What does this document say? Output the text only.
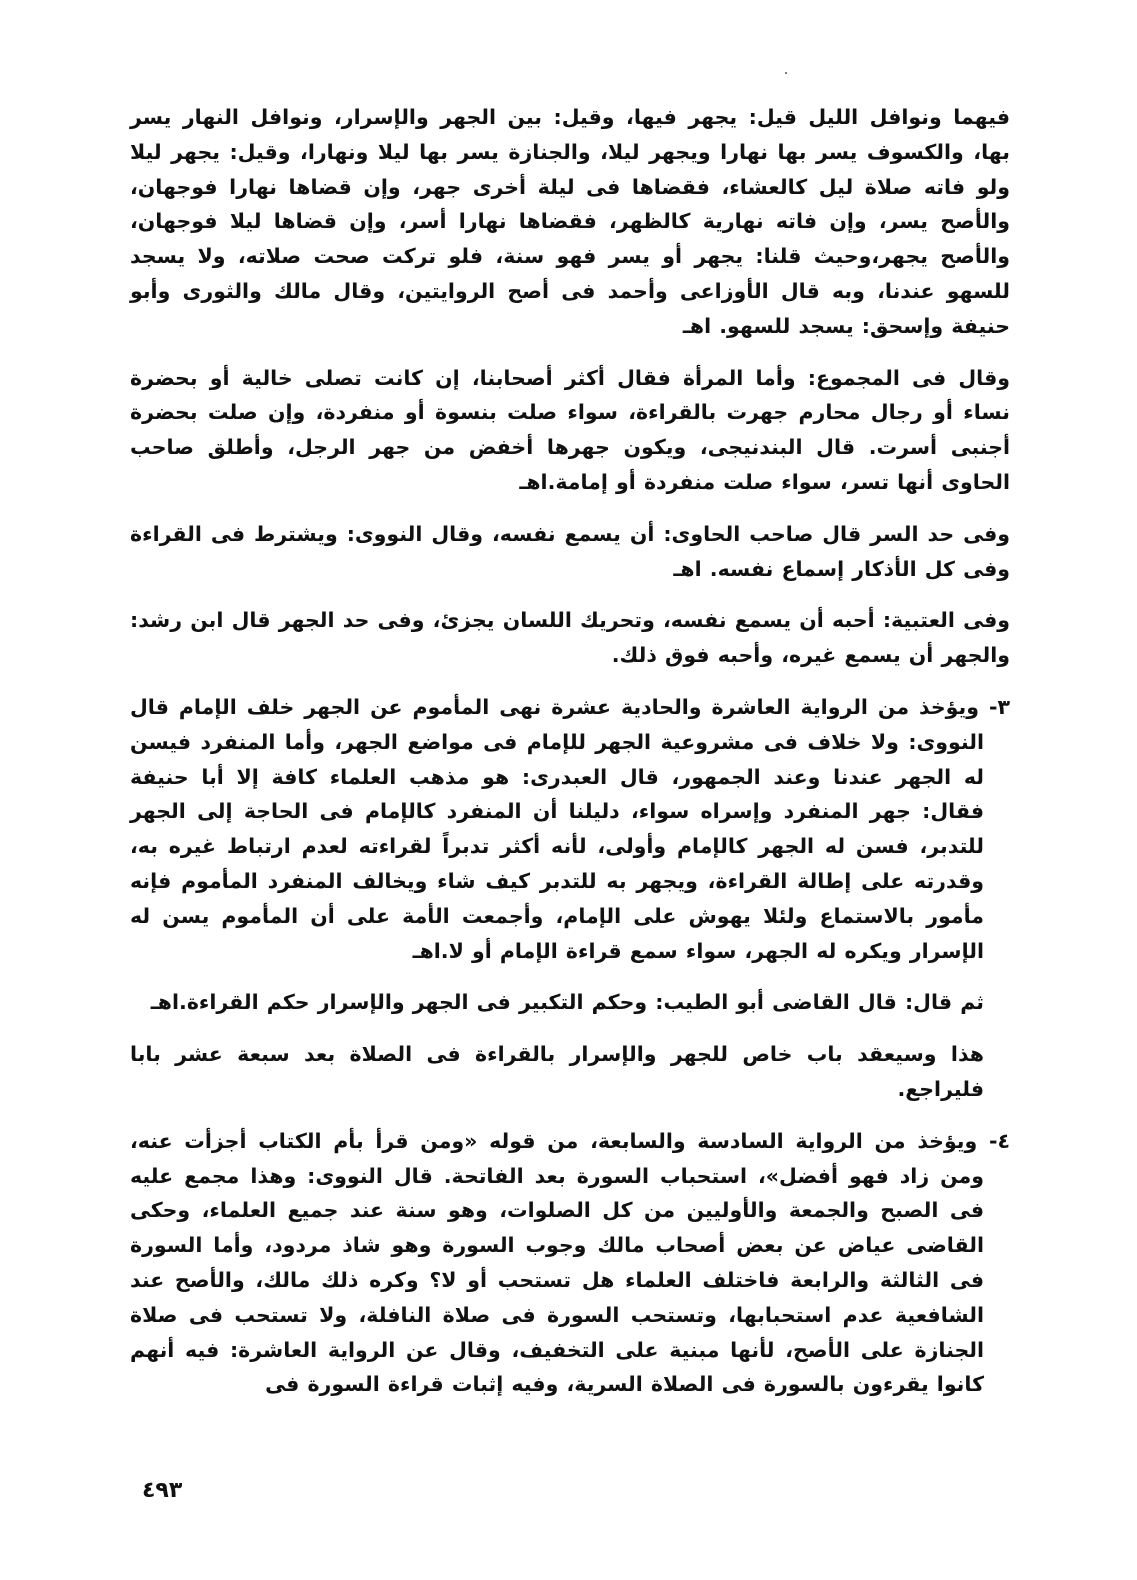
فيهما ونوافل الليل قيل: يجهر فيها، وقيل: بين الجهر والإسرار، ونوافل النهار يسر بها، والكسوف يسر بها نهارا ويجهر ليلا، والجنازة يسر بها ليلا ونهارا، وقيل: يجهر ليلا ولو فاته صلاة ليل كالعشاء، فقضاها فى ليلة أخرى جهر، وإن قضاها نهارا فوجهان، والأصح يسر، وإن فاته نهارية كالظهر، فقضاها نهارا أسر، وإن قضاها ليلا فوجهان، والأصح يجهر،وحيث قلنا: يجهر أو يسر فهو سنة، فلو تركت صحت صلاته، ولا يسجد للسهو عندنا، وبه قال الأوزاعى وأحمد فى أصح الروايتين، وقال مالك والثورى وأبو حنيفة وإسحق: يسجد للسهو. اهـ

وقال فى المجموع: وأما المرأة فقال أكثر أصحابنا، إن كانت تصلى خالية أو بحضرة نساء أو رجال محارم جهرت بالقراءة، سواء صلت بنسوة أو منفردة، وإن صلت بحضرة أجنبى أسرت. قال البندنيجى، ويكون جهرها أخفض من جهر الرجل، وأطلق صاحب الحاوى أنها تسر، سواء صلت منفردة أو إمامة.اهـ

وفى حد السر قال صاحب الحاوى: أن يسمع نفسه، وقال النووى: ويشترط فى القراءة وفى كل الأذكار إسماع نفسه. اهـ

وفى العتبية: أحبه أن يسمع نفسه، وتحريك اللسان يجزئ، وفى حد الجهر قال ابن رشد: والجهر أن يسمع غيره، وأحبه فوق ذلك.

٣- ويؤخذ من الرواية العاشرة والحادية عشرة نهى المأموم عن الجهر خلف الإمام قال النووى: ولا خلاف فى مشروعية الجهر للإمام فى مواضع الجهر، وأما المنفرد فيسن له الجهر عندنا وعند الجمهور، قال العبدرى: هو مذهب العلماء كافة إلا أبا حنيفة فقال: جهر المنفرد وإسراه سواء، دليلنا أن المنفرد كالإمام فى الحاجة إلى الجهر للتدبر، فسن له الجهر كالإمام وأولى، لأنه أكثر تدبراً لقراءته لعدم ارتباط غيره به، وقدرته على إطالة القراءة، ويجهر به للتدبر كيف شاء ويخالف المنفرد المأموم فإنه مأمور بالاستماع ولئلا يهوش على الإمام، وأجمعت الأمة على أن المأموم يسن له الإسرار ويكره له الجهر، سواء سمع قراءة الإمام أو لا.اهـ

ثم قال: قال القاضى أبو الطيب: وحكم التكبير فى الجهر والإسرار حكم القراءة.اهـ

هذا وسيعقد باب خاص للجهر والإسرار بالقراءة فى الصلاة بعد سبعة عشر بابا فليراجع.

٤- ويؤخذ من الرواية السادسة والسابعة، من قوله «ومن قرأ بأم الكتاب أجزأت عنه، ومن زاد فهو أفضل»، استحباب السورة بعد الفاتحة. قال النووى: وهذا مجمع عليه فى الصبح والجمعة والأوليين من كل الصلوات، وهو سنة عند جميع العلماء، وحكى القاضى عياض عن بعض أصحاب مالك وجوب السورة وهو شاذ مردود، وأما السورة فى الثالثة والرابعة فاختلف العلماء هل تستحب أو لا؟ وكره ذلك مالك، والأصح عند الشافعية عدم استحبابها، وتستحب السورة فى صلاة النافلة، ولا تستحب فى صلاة الجنازة على الأصح، لأنها مبنية على التخفيف، وقال عن الرواية العاشرة: فيه أنهم كانوا يقرءون بالسورة فى الصلاة السرية، وفيه إثبات قراءة السورة فى

٤٩٣
